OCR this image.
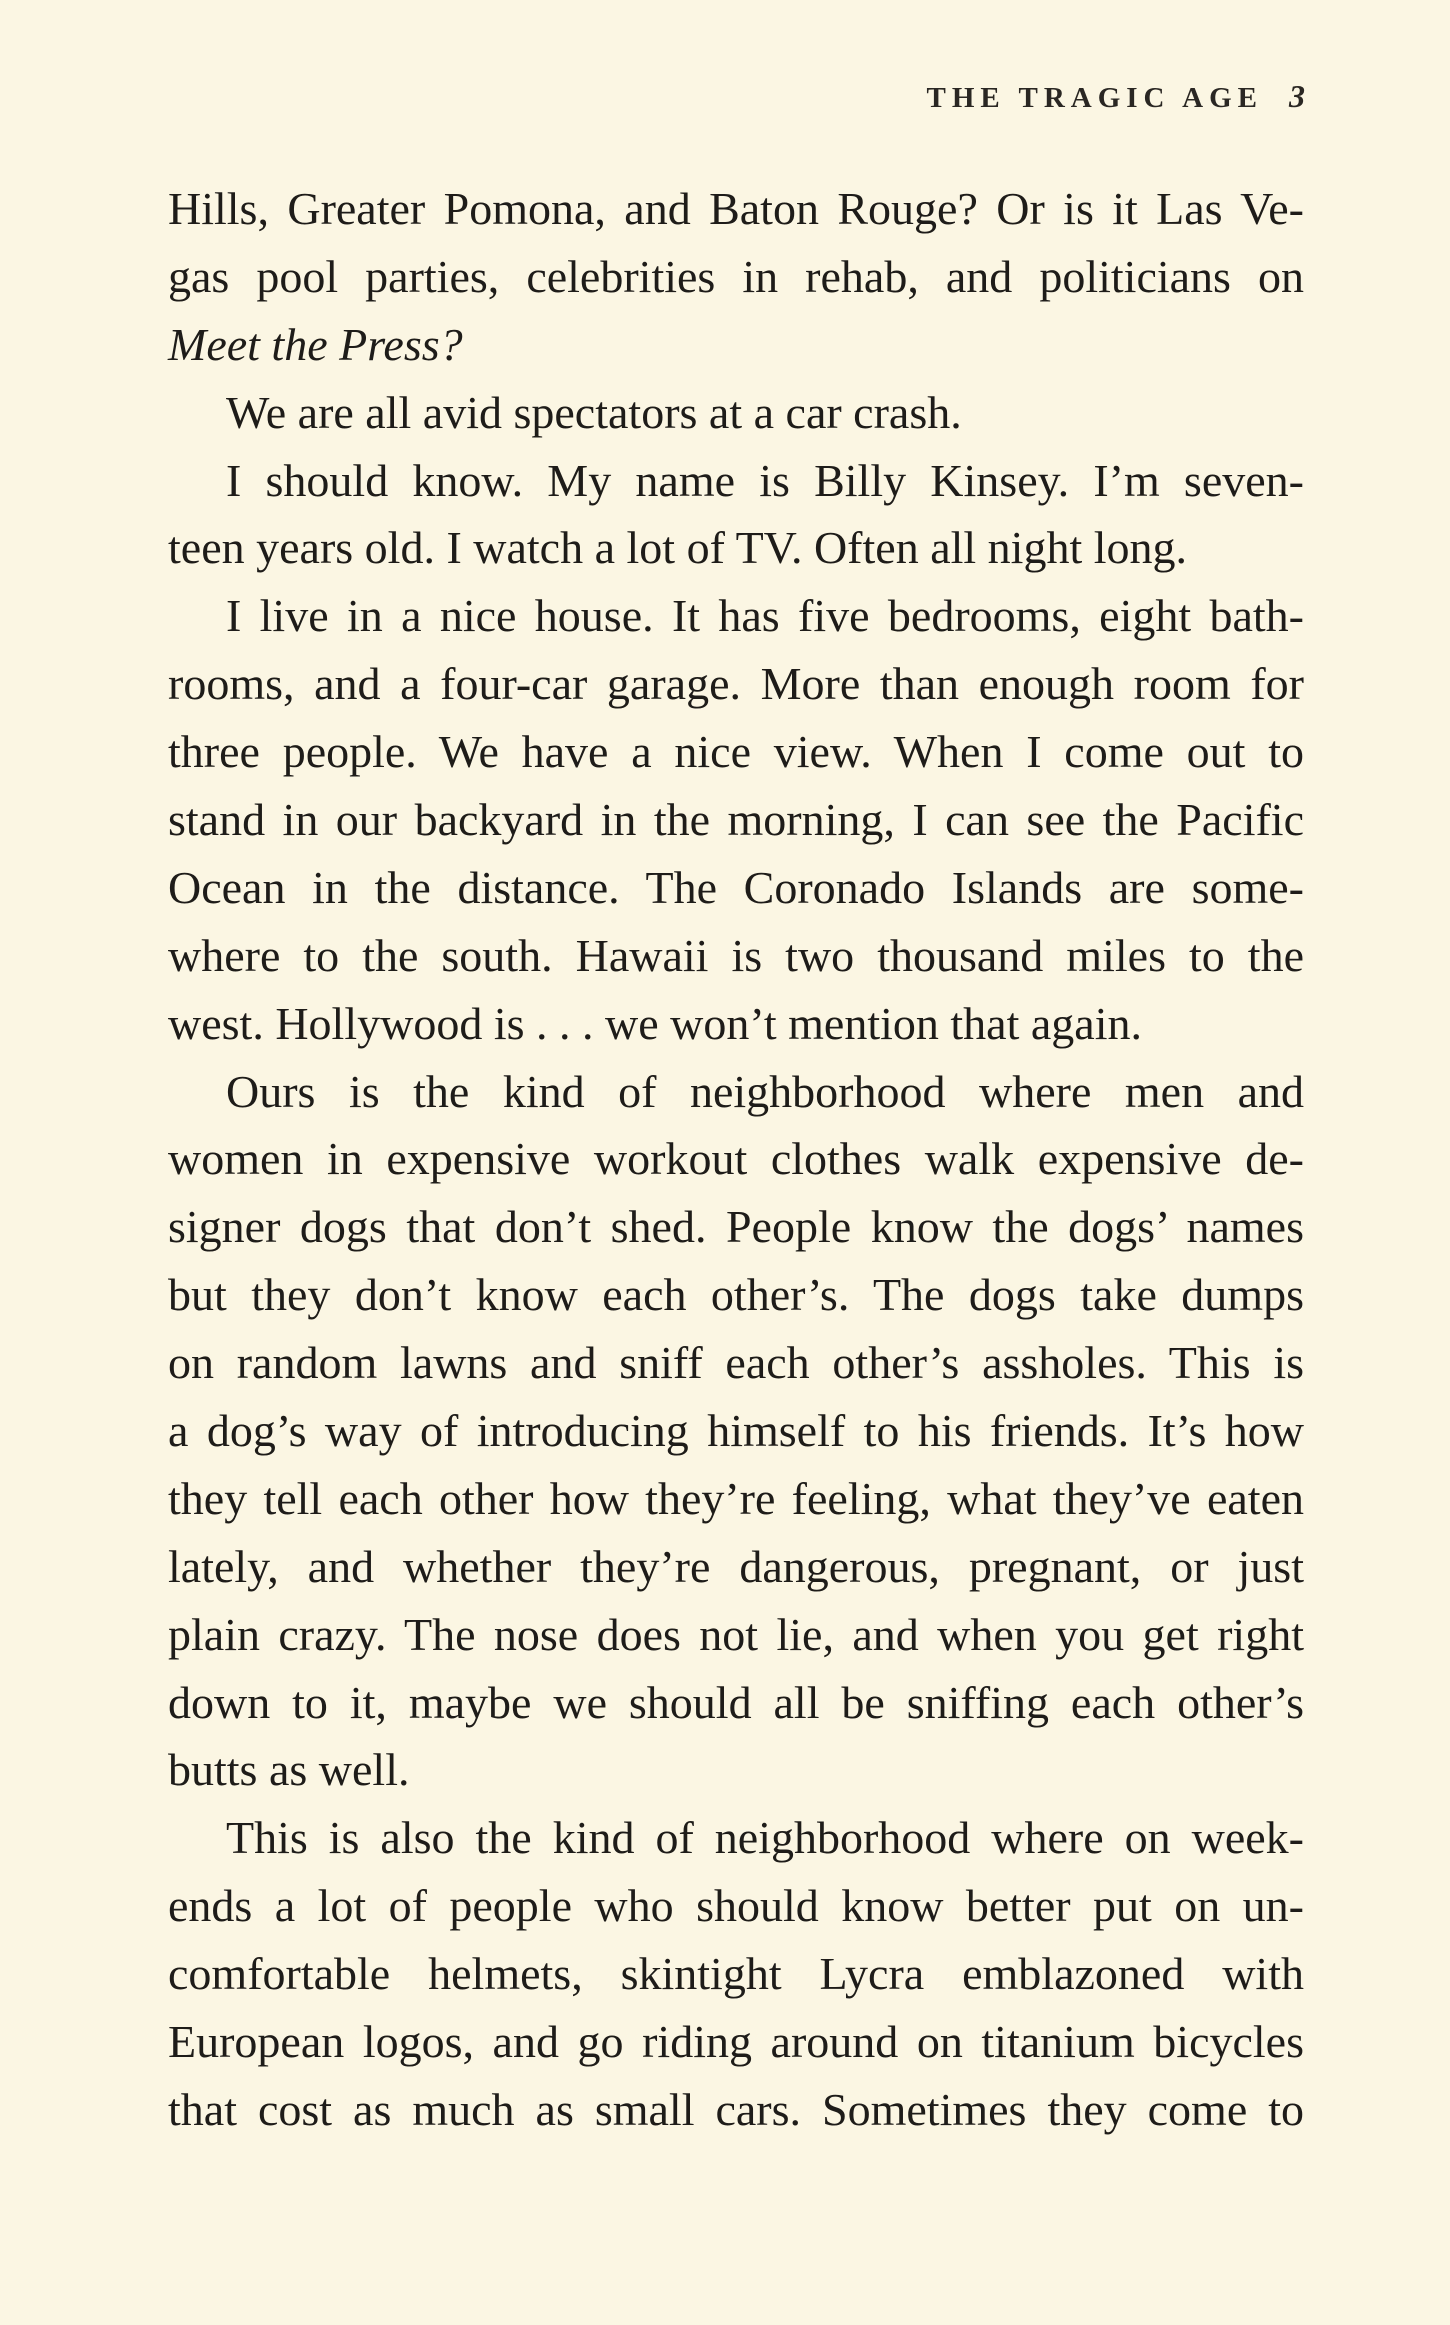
THE TRAGIC AGE 3
Hills, Greater Pomona, and Baton Rouge? Or is it Las Ve-
gas pool parties, celebrities in rehab, and politicians on
Meet the Press?
We are all avid spectators at a car crash.
I should know. My name is Billy Kinsey. I’m seven-
teen years old. I watch a lot of TV. Often all night long.
I live in a nice house. It has five bedrooms, eight bath-
rooms, and a four-car garage. More than enough room for
three people. We have a nice view. When I come out to
stand in our backyard in the morning, I can see the Pacific
Ocean in the distance. The Coronado Islands are some-
where to the south. Hawaii is two thousand miles to the
west. Hollywood is . . . we won’t mention that again.
Ours is the kind of neighborhood where men and
women in expensive workout clothes walk expensive de-
signer dogs that don’t shed. People know the dogs’ names
but they don’t know each other’s. The dogs take dumps
on random lawns and sniff each other’s assholes. This is
a dog’s way of introducing himself to his friends. It’s how
they tell each other how they’re feeling, what they’ve eaten
lately, and whether they’re dangerous, pregnant, or just
plain crazy. The nose does not lie, and when you get right
down to it, maybe we should all be sniffing each other’s
butts as well.
This is also the kind of neighborhood where on week-
ends a lot of people who should know better put on un-
comfortable helmets, skintight Lycra emblazoned with
European logos, and go riding around on titanium bicycles
that cost as much as small cars. Sometimes they come to
